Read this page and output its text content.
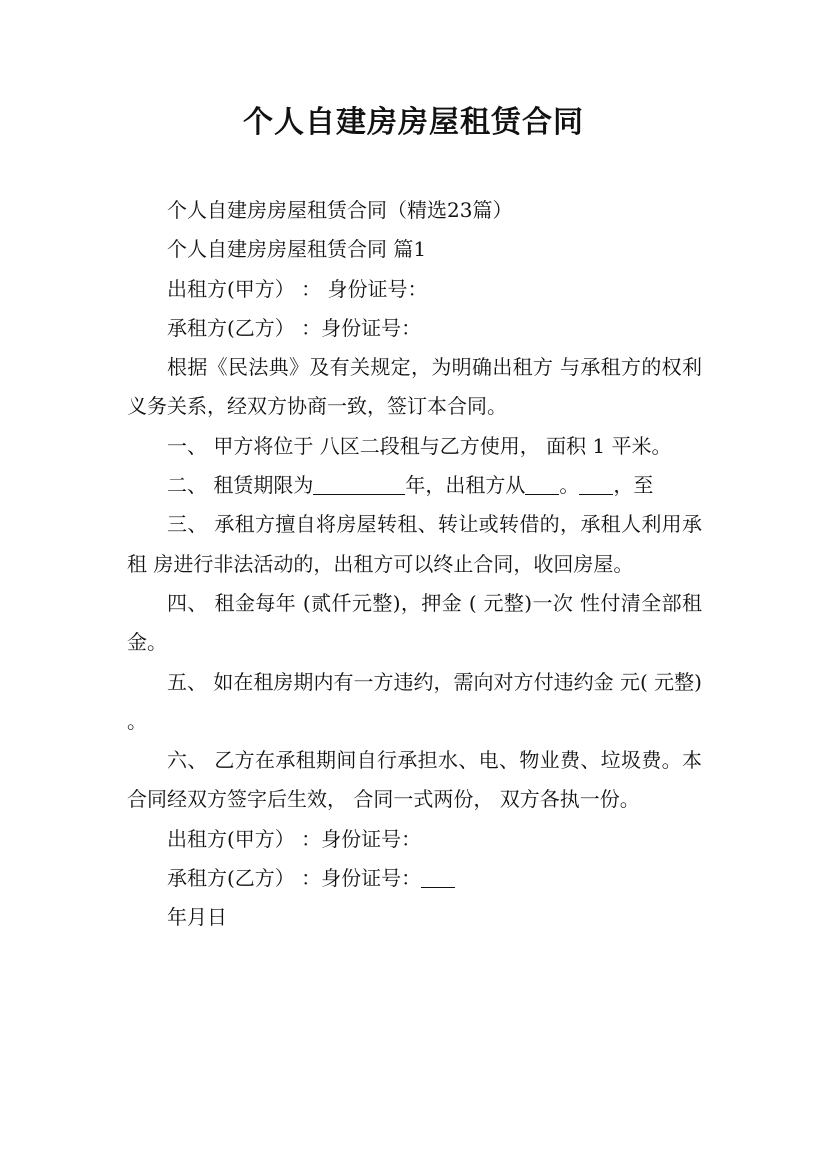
个人自建房房屋租赁合同

个人自建房房屋租赁合同（精选23篇）

个人自建房房屋租赁合同 篇1

出租方(甲方） ： 身份证号：

承租方(乙方） ：身份证号：

根据《民法典》及有关规定，为明确出租方 与承租方的权利义务关系，经双方协商一致，签订本合同。

一、 甲方将位于 八区二段租与乙方使用， 面积 1 平米。

二、 租赁期限为	年，出租方从 。 ，至

三、 承租方擅自将房屋转租、转让或转借的，承租人利用承租 房进行非法活动的，出租方可以终止合同，收回房屋。

四、 租金每年 (贰仟元整)，押金 ( 元整)一次 性付清全部租金。

五、 如在租房期内有一方违约，需向对方付违约金 元( 元整) 。

六、 乙方在承租期间自行承担水、电、物业费、垃圾费。本合同经双方签字后生效， 合同一式两份， 双方各执一份。

出租方(甲方） ：身份证号：

承租方(乙方） ：身份证号：

年月日
